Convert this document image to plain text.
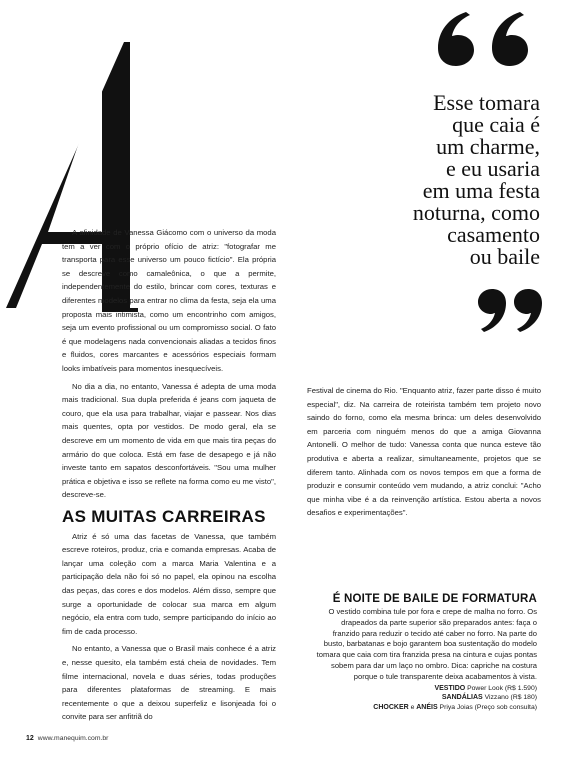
A afinidade de Vanessa Giácomo com o universo da moda tem a ver com o próprio ofício de atriz: "fotografar me transporta para esse universo um pouco fictício". Ela própria se descreve como camaleônica, o que a permite, independentemente do estilo, brincar com cores, texturas e diferentes modelos para entrar no clima da festa, seja ela uma proposta mais intimista, como um encontrinho com amigos, seja um evento profissional ou um compromisso social. O fato é que modelagens nada convencionais aliadas a tecidos finos e fluidos, cores marcantes e acessórios especiais formam looks imbatíveis para momentos inesquecíveis.

No dia a dia, no entanto, Vanessa é adepta de uma moda mais tradicional. Sua dupla preferida é jeans com jaqueta de couro, que ela usa para trabalhar, viajar e passear. Nos dias mais quentes, opta por vestidos. De modo geral, ela se descreve em um momento de vida em que mais tira peças do armário do que coloca. Está em fase de desapego e já não investe tanto em sapatos desconfortáveis. "Sou uma mulher prática e objetiva e isso se reflete na forma como eu me visto", descreve-se.

AS MUITAS CARREIRAS

Atriz é só uma das facetas de Vanessa, que também escreve roteiros, produz, cria e comanda empresas. Acaba de lançar uma coleção com a marca Maria Valentina e a participação dela não foi só no papel, ela opinou na escolha das peças, das cores e dos modelos. Além disso, sempre que surge a oportunidade de colocar sua marca em algum negócio, ela entra com tudo, sempre participando do início ao fim de cada processo.

No entanto, a Vanessa que o Brasil mais conhece é a atriz e, nesse quesito, ela também está cheia de novidades. Tem filme internacional, novela e duas séries, todas produções para diferentes plataformas de streaming. E mais recentemente o que a deixou superfeliz e lisonjeada foi o convite para ser anfitriã do

Festival de cinema do Rio. "Enquanto atriz, fazer parte disso é muito especial", diz. Na carreira de roteirista também tem projeto novo saindo do forno, como ela mesma brinca: um deles desenvolvido em parceria com ninguém menos do que a amiga Giovanna Antonelli. O melhor de tudo: Vanessa conta que nunca esteve tão produtiva e aberta a realizar, simultaneamente, projetos que se diferem tanto. Alinhada com os novos tempos em que a forma de produzir e consumir conteúdo vem mudando, a atriz conclui: "Acho que minha vibe é a da reinvenção artística. Estou aberta a novos desafios e experimentações".

Esse tomara
que caia é
um charme,
e eu usaria
em uma festa
noturna, como
casamento
ou baile
É NOITE DE BAILE DE FORMATURA
O vestido combina tule por fora e crepe de malha no forro. Os drapeados da parte superior são preparados antes: faça o franzido para reduzir o tecido até caber no forro. Na parte do busto, barbatanas e bojo garantem boa sustentação do modelo tomara que caia com tira franzida presa na cintura e cujas pontas sobem para dar um laço no ombro. Dica: capriche na costura porque o tule transparente deixa acabamentos à vista.
VESTIDO Power Look (R$ 1.590)
SANDÁLIAS Vizzano (R$ 180)
CHOCKER e ANÉIS Priya Joias (Preço sob consulta)
12 www.manequim.com.br
